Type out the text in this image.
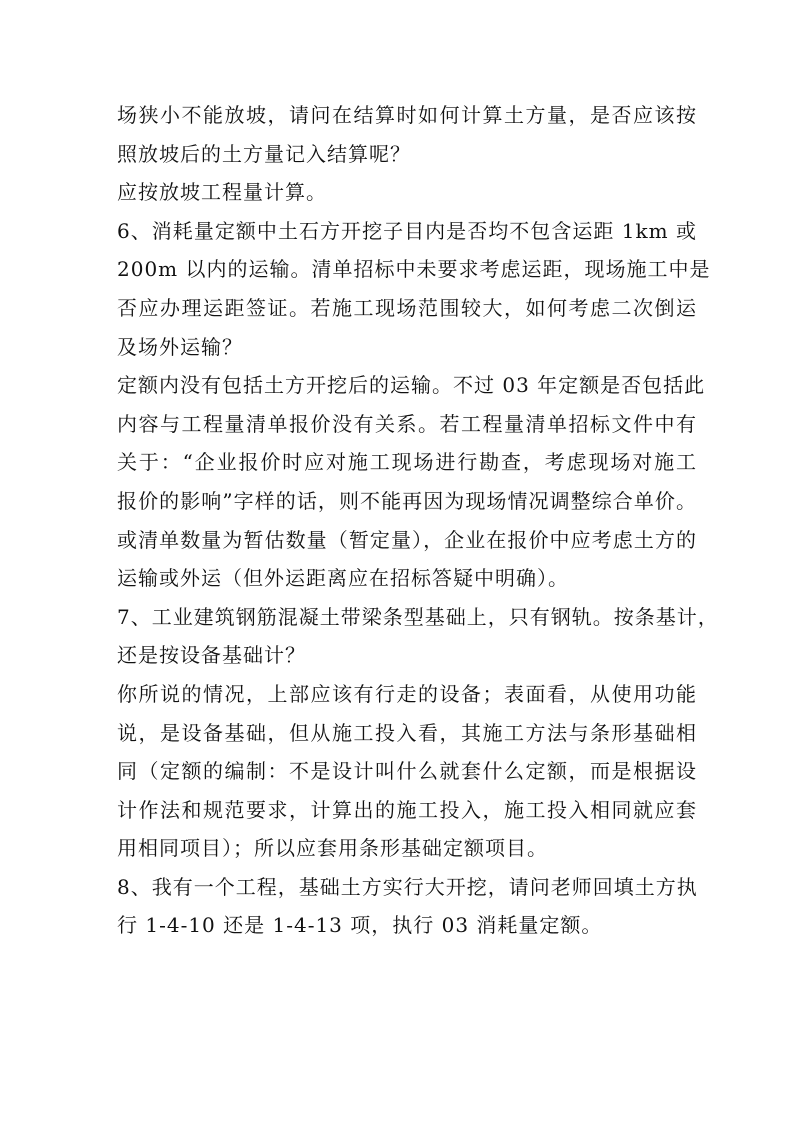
场狭小不能放坡，请问在结算时如何计算土方量，是否应该按
照放坡后的土方量记入结算呢？
应按放坡工程量计算。
6、消耗量定额中土石方开挖子目内是否均不包含运距 1km 或
200m 以内的运输。清单招标中未要求考虑运距，现场施工中是
否应办理运距签证。若施工现场范围较大，如何考虑二次倒运
及场外运输？
定额内没有包括土方开挖后的运输。不过 03 年定额是否包括此
内容与工程量清单报价没有关系。若工程量清单招标文件中有
关于：“企业报价时应对施工现场进行勘查，考虑现场对施工
报价的影响”字样的话，则不能再因为现场情况调整综合单价。
或清单数量为暂估数量（暂定量），企业在报价中应考虑土方的
运输或外运（但外运距离应在招标答疑中明确）。
7、工业建筑钢筋混凝土带梁条型基础上，只有钢轨。按条基计，
还是按设备基础计？
你所说的情况，上部应该有行走的设备；表面看，从使用功能
说，是设备基础，但从施工投入看，其施工方法与条形基础相
同（定额的编制：不是设计叫什么就套什么定额，而是根据设
计作法和规范要求，计算出的施工投入，施工投入相同就应套
用相同项目）；所以应套用条形基础定额项目。
8、我有一个工程，基础土方实行大开挖，请问老师回填土方执
行 1-4-10 还是 1-4-13 项，执行 03 消耗量定额。
